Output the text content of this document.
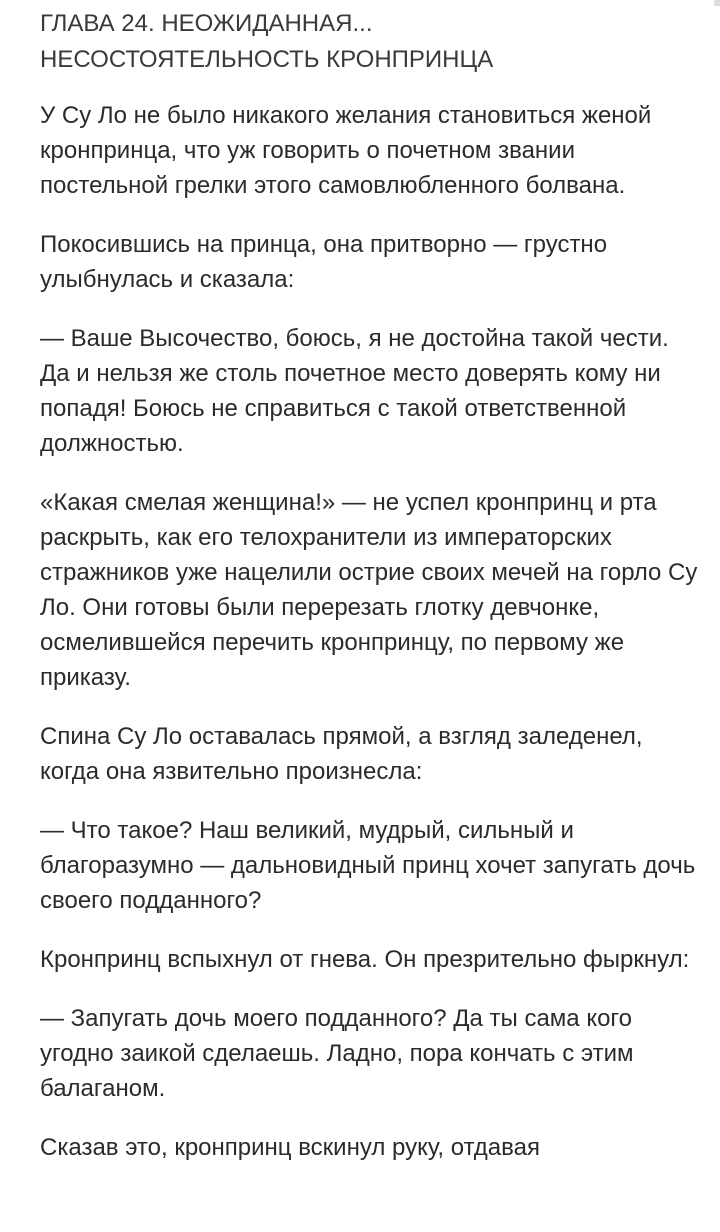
ГЛАВА 24. НЕОЖИДАННАЯ...
НЕСОСТОЯТЕЛЬНОСТЬ КРОНПРИНЦА

У Су Ло не было никакого желания становиться женой кронпринца, что уж говорить о почетном звании постельной грелки этого самовлюбленного болвана.

Покосившись на принца, она притворно — грустно улыбнулась и сказала:

— Ваше Высочество, боюсь, я не достойна такой чести. Да и нельзя же столь почетное место доверять кому ни попадя! Боюсь не справиться с такой ответственной должностью.

«Какая смелая женщина!» — не успел кронпринц и рта раскрыть, как его телохранители из императорских стражников уже нацелили острие своих мечей на горло Су Ло. Они готовы были перерезать глотку девчонке, осмелившейся перечить кронпринцу, по первому же приказу.

Спина Су Ло оставалась прямой, а взгляд заледенел, когда она язвительно произнесла:

— Что такое? Наш великий, мудрый, сильный и благоразумно — дальновидный принц хочет запугать дочь своего подданного?

Кронпринц вспыхнул от гнева. Он презрительно фыркнул:

— Запугать дочь моего подданного? Да ты сама кого угодно заикой сделаешь. Ладно, пора кончать с этим балаганом.

Сказав это, кронпринц вскинул руку, отдавая
